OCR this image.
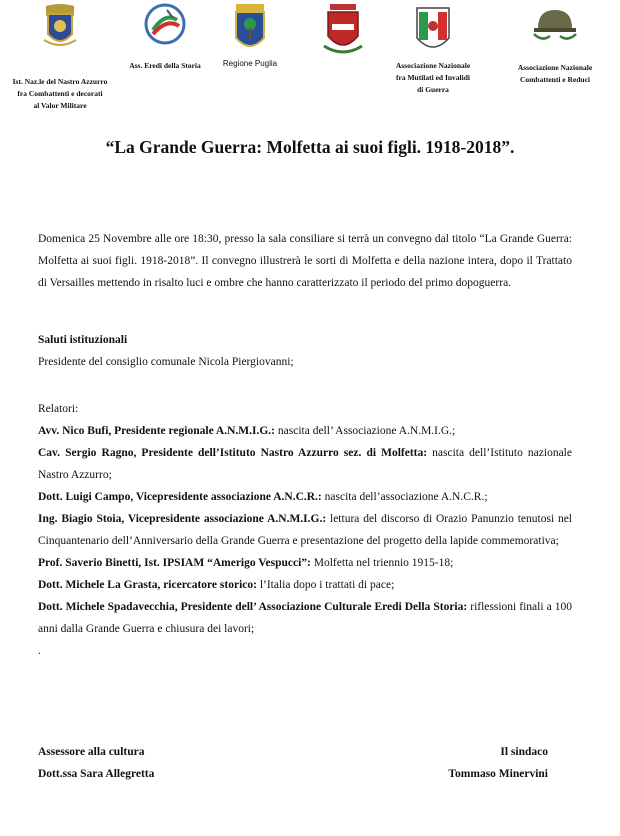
Ist. Naz.le del Nastro Azzurro
fra Combattenti e decorati
al Valor Militare
Ass. Eredi della Storia	Regione Puglia	Associazione Nazionale
fra Mutilati ed Invalidi
di Guerra
Associazione Nazionale
Combattenti e Reduci
“La Grande Guerra: Molfetta ai suoi figli. 1918-2018”.

Domenica 25 Novembre alle ore 18:30, presso la sala consiliare si terrà un convegno dal titolo “La Grande Guerra: Molfetta ai suoi figli. 1918-2018”. Il convegno illustrerà le sorti di Molfetta e della nazione intera, dopo il Trattato di Versailles mettendo in risalto luci e ombre che hanno caratterizzato il periodo del primo dopoguerra.

Saluti istituzionali
Presidente del consiglio comunale Nicola Piergiovanni;
Relatori:

Avv. Nico Bufi, Presidente regionale A.N.M.I.G.: nascita dell’ Associazione A.N.M.I.G.;

Cav. Sergio Ragno, Presidente dell’Istituto Nastro Azzurro sez. di Molfetta: nascita dell’Istituto nazionale Nastro Azzurro;

Dott. Luigi Campo, Vicepresidente associazione A.N.C.R.: nascita dell’associazione A.N.C.R.;

Ing. Biagio Stoia, Vicepresidente associazione A.N.M.I.G.: lettura del discorso di Orazio Panunzio tenutosi nel Cinquantenario dell’Anniversario della Grande Guerra e presentazione del progetto della lapide commemorativa;

Prof. Saverio Binetti, Ist. IPSIAM “Amerigo Vespucci”: Molfetta nel triennio 1915-18;

Dott. Michele La Grasta, ricercatore storico: l’Italia dopo i trattati di pace;

Dott. Michele Spadavecchia, Presidente dell’ Associazione Culturale Eredi Della Storia: riflessioni finali a 100 anni dalla Grande Guerra e chiusura dei lavori;

.
Assessore alla cultura
Dott.ssa Sara Allegretta
Il sindaco
Tommaso Minervini
